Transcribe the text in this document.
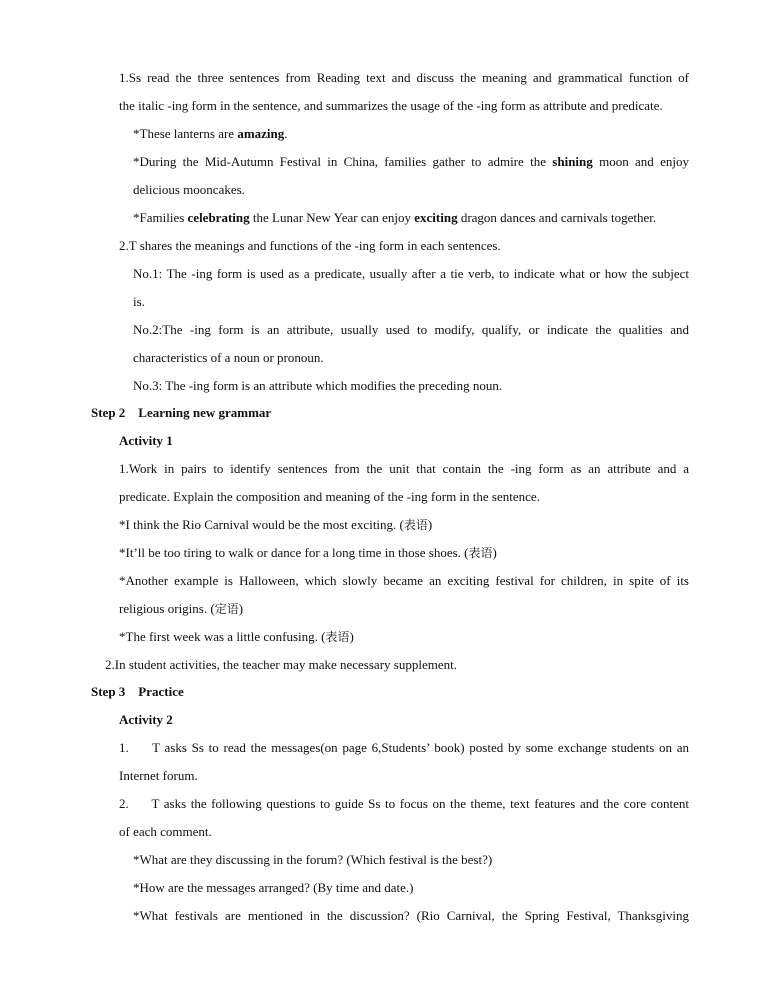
1.Ss read the three sentences from Reading text and discuss the meaning and grammatical function of
the italic -ing form in the sentence, and summarizes the usage of the -ing form as attribute and predicate.
*These lanterns are amazing.
*During the Mid-Autumn Festival in China, families gather to admire the shining moon and enjoy
delicious mooncakes.
*Families celebrating the Lunar New Year can enjoy exciting dragon dances and carnivals together.
2.T shares the meanings and functions of the -ing form in each sentences.
No.1: The -ing form is used as a predicate, usually after a tie verb, to indicate what or how the subject
is.
No.2:The -ing form is an attribute, usually used to modify, qualify, or indicate the qualities and
characteristics of a noun or pronoun.
No.3: The -ing form is an attribute which modifies the preceding noun.
Step 2    Learning new grammar
Activity 1
1.Work in pairs to identify sentences from the unit that contain the -ing form as an attribute and a
predicate. Explain the composition and meaning of the -ing form in the sentence.
*I think the Rio Carnival would be the most exciting. (表语)
*It’ll be too tiring to walk or dance for a long time in those shoes. (表语)
*Another example is Halloween, which slowly became an exciting festival for children, in spite of its
religious origins. (定语)
*The first week was a little confusing. (表语)
2.In student activities, the teacher may make necessary supplement.
Step 3    Practice
Activity 2
1.     T asks Ss to read the messages(on page 6,Students’ book) posted by some exchange students on an
Internet forum.
2.     T asks the following questions to guide Ss to focus on the theme, text features and the core content
of each comment.
*What are they discussing in the forum? (Which festival is the best?)
*How are the messages arranged? (By time and date.)
*What festivals are mentioned in the discussion? (Rio Carnival, the Spring Festival, Thanksgiving
